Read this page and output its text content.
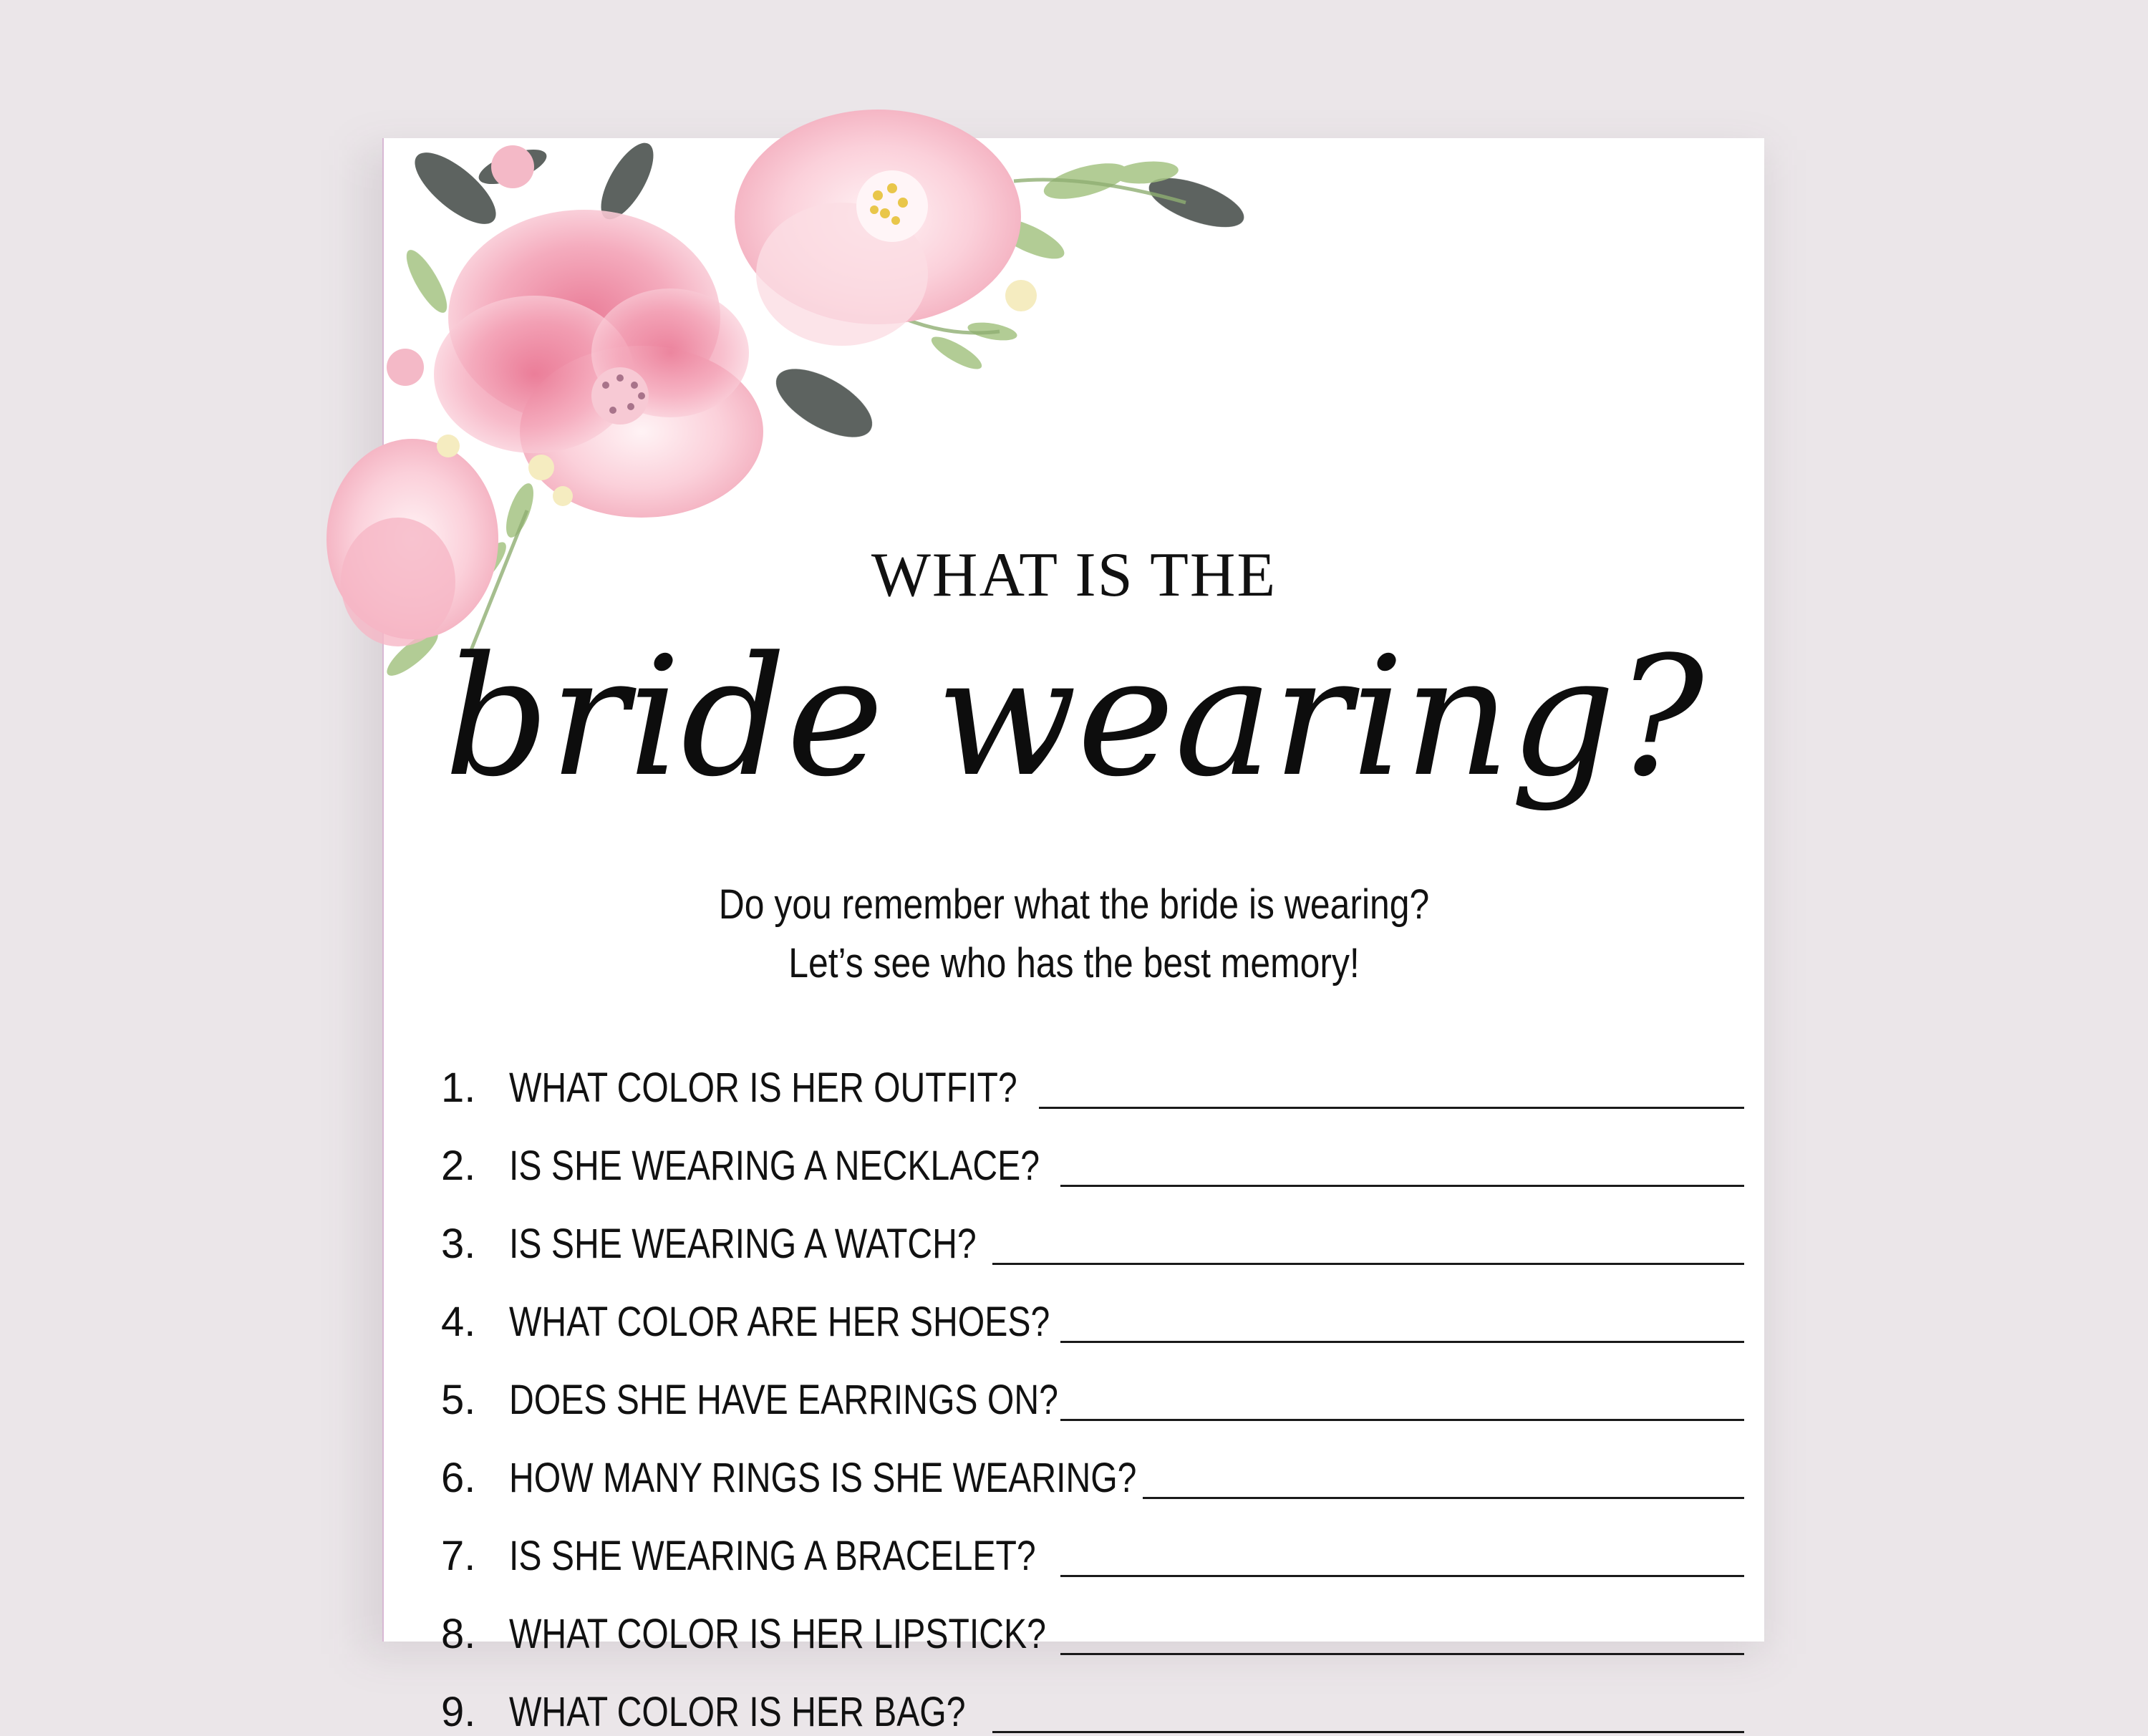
WHAT IS THE
bride wearing?
Do you remember what the bride is wearing?
Let’s see who has the best memory!
1. WHAT COLOR IS HER OUTFIT?
2. IS SHE WEARING A NECKLACE?
3. IS SHE WEARING A WATCH?
4. WHAT COLOR ARE HER SHOES?
5. DOES SHE HAVE EARRINGS ON?
6. HOW MANY RINGS IS SHE WEARING?
7. IS SHE WEARING A BRACELET?
8. WHAT COLOR IS HER LIPSTICK?
9. WHAT COLOR IS HER BAG?
